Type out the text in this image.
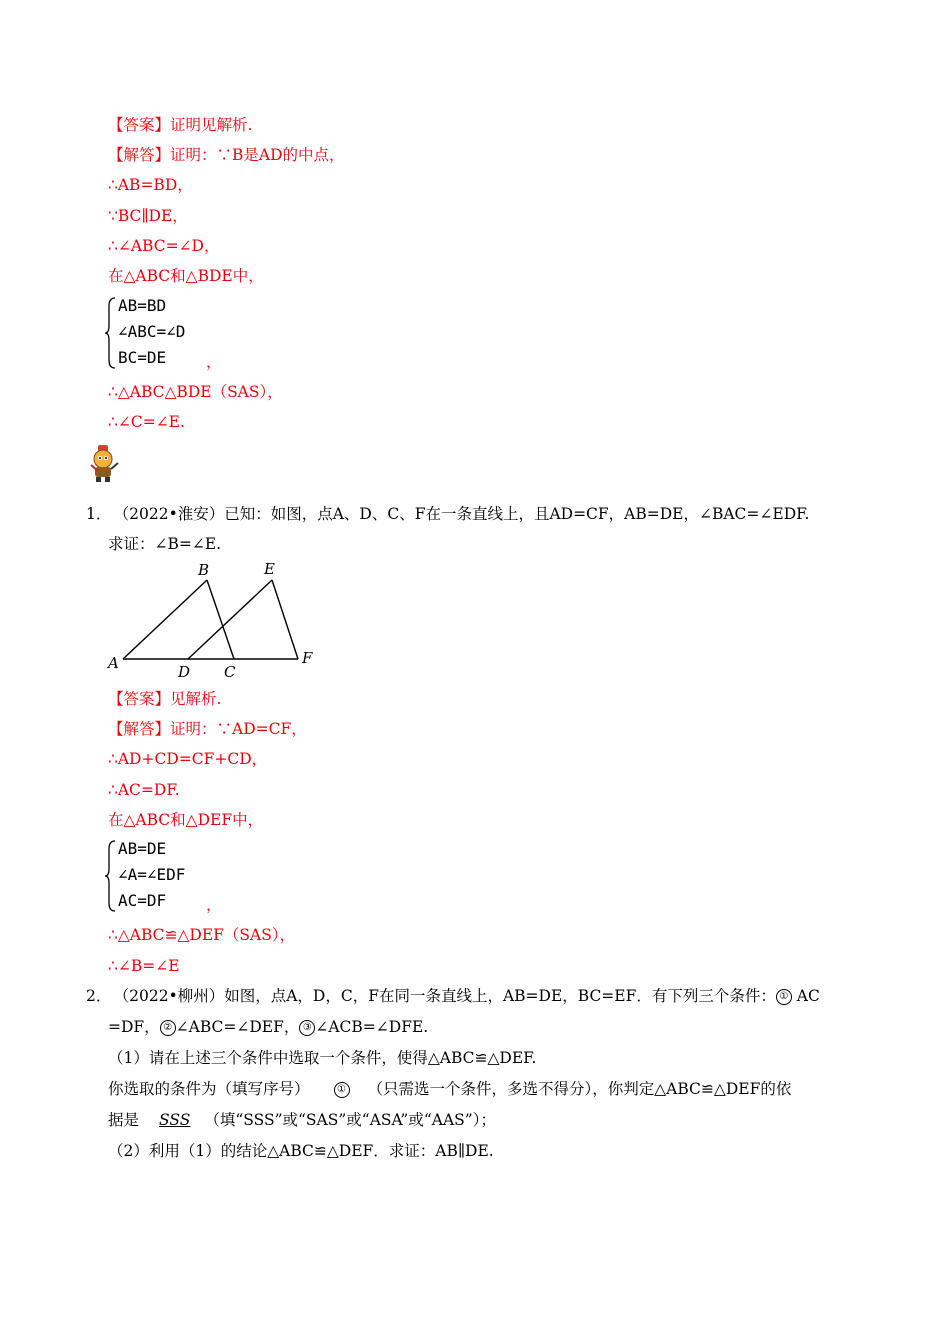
【答案】证明见解析.
【解答】证明：∵B是AD的中点，
∴AB=BD，
∵BC∥DE，
∴∠ABC=∠D，
在△ABC和△BDE中，
AB=BD
∠ABC=∠D
BC=DE	，
∴△ABC△BDE（SAS），
∴∠C=∠E.
1． （2022•淮安）已知：如图，点A、D、C、F在一条直线上，且AD=CF，AB=DE，∠BAC=∠EDF.
求证：∠B=∠E.
A
B
C
D
E
F
【答案】见解析.
【解答】证明：∵AD=CF，
∴AD+CD=CF+CD，
∴AC=DF.
在△ABC和△DEF中，
AB=DE
∠A=∠EDF
AC=DF	，
∴△ABC≌△DEF（SAS），
∴∠B=∠E
2． （2022•柳州）如图，点A，D，C，F在同一条直线上，AB=DE，BC=EF．有下列三个条件： ① AC
=DF， ② ∠ABC=∠DEF， ③ ∠ACB=∠DFE.
（1）请在上述三个条件中选取一个条件，使得△ABC≌△DEF.
你选取的条件为（填写序号）	① （只需选一个条件，多选不得分），你判定△ABC≌△DEF的依
据是 SSS （填“SSS”或“SAS”或“ASA”或“AAS”）；
（2）利用（1）的结论△ABC≌△DEF．求证：AB∥DE.
